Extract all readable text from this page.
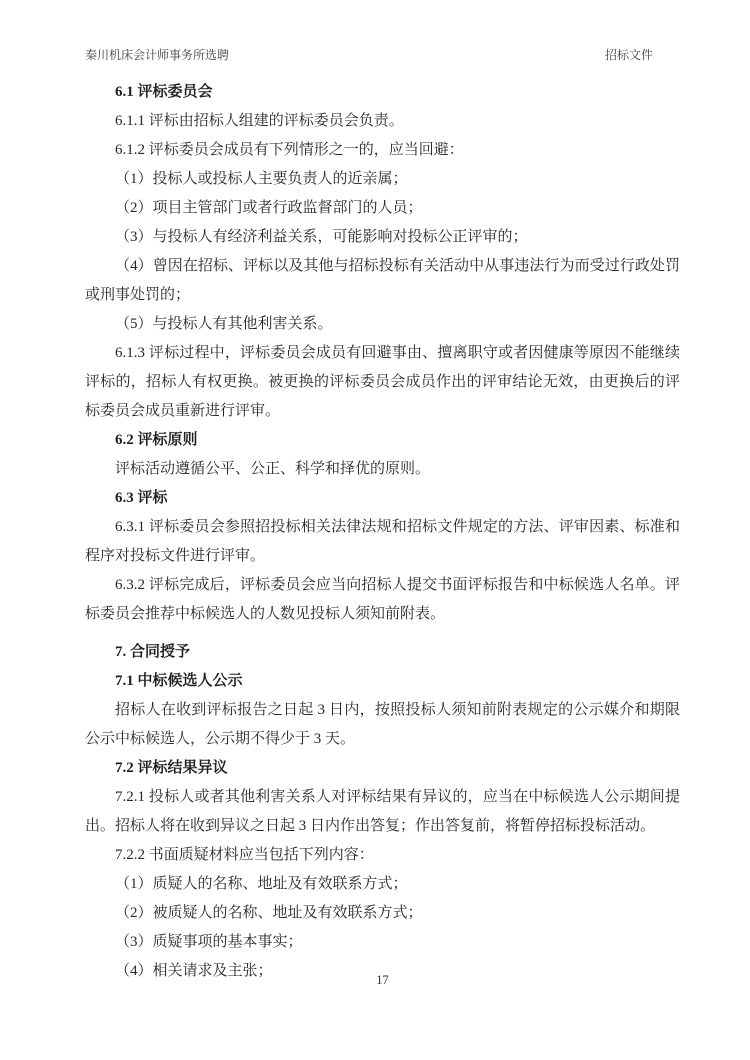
秦川机床会计师事务所选聘	招标文件

6.1 评标委员会

6.1.1 评标由招标人组建的评标委员会负责。

6.1.2 评标委员会成员有下列情形之一的，应当回避：

（1）投标人或投标人主要负责人的近亲属；

（2）项目主管部门或者行政监督部门的人员；

（3）与投标人有经济利益关系，可能影响对投标公正评审的；

（4）曾因在招标、评标以及其他与招标投标有关活动中从事违法行为而受过行政处罚或刑事处罚的；

（5）与投标人有其他利害关系。

6.1.3 评标过程中，评标委员会成员有回避事由、擅离职守或者因健康等原因不能继续评标的，招标人有权更换。被更换的评标委员会成员作出的评审结论无效，由更换后的评标委员会成员重新进行评审。

6.2 评标原则

评标活动遵循公平、公正、科学和择优的原则。

6.3 评标

6.3.1 评标委员会参照招投标相关法律法规和招标文件规定的方法、评审因素、标准和程序对投标文件进行评审。

6.3.2 评标完成后，评标委员会应当向招标人提交书面评标报告和中标候选人名单。评标委员会推荐中标候选人的人数见投标人须知前附表。

7. 合同授予

7.1 中标候选人公示

招标人在收到评标报告之日起 3 日内，按照投标人须知前附表规定的公示媒介和期限公示中标候选人，公示期不得少于 3 天。

7.2 评标结果异议

7.2.1 投标人或者其他利害关系人对评标结果有异议的，应当在中标候选人公示期间提出。招标人将在收到异议之日起 3 日内作出答复；作出答复前，将暂停招标投标活动。

7.2.2 书面质疑材料应当包括下列内容：

（1）质疑人的名称、地址及有效联系方式；

（2）被质疑人的名称、地址及有效联系方式；

（3）质疑事项的基本事实；

（4）相关请求及主张；

17
